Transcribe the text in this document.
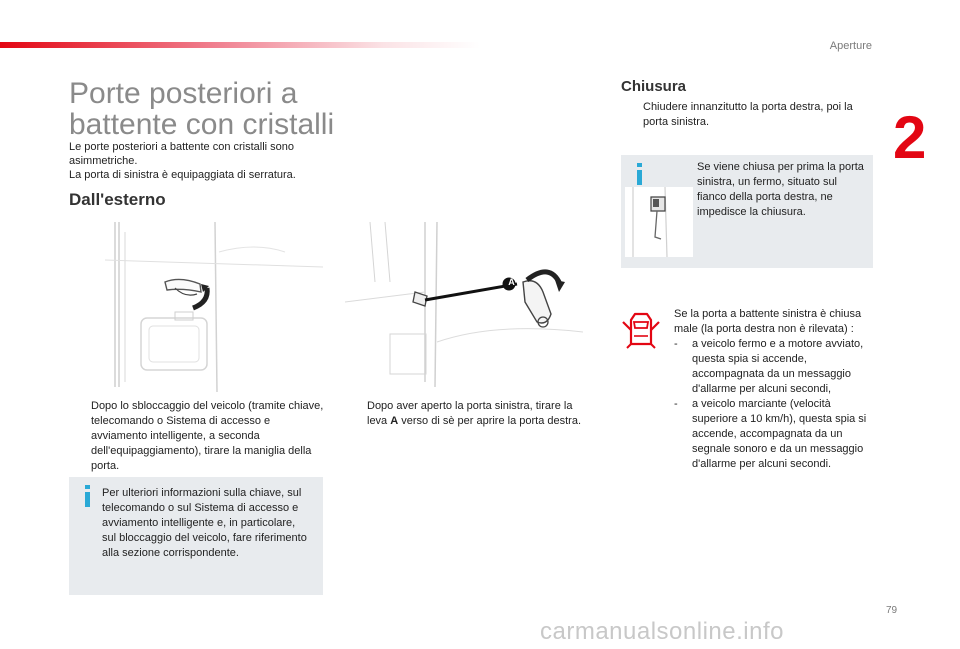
Aperture
2
79
Porte posteriori a
battente con cristalli
Le porte posteriori a battente con cristalli sono asimmetriche.
La porta di sinistra è equipaggiata di serratura.
Dall'esterno
A
Dopo lo sbloccaggio del veicolo (tramite chiave, telecomando o Sistema di accesso e avviamento intelligente, a seconda dell'equipaggiamento), tirare la maniglia della porta.
Dopo aver aperto la porta sinistra, tirare la leva A verso di sè per aprire la porta destra.
Per ulteriori informazioni sulla chiave, sul telecomando o sul Sistema di accesso e avviamento intelligente e, in particolare, sul bloccaggio del veicolo, fare riferimento alla sezione corrispondente.
Chiusura
Chiudere innanzitutto la porta destra, poi la porta sinistra.
Se viene chiusa per prima la porta sinistra, un fermo, situato sul fianco della porta destra, ne impedisce la chiusura.
Se la porta a battente sinistra è chiusa male (la porta destra non è rilevata) :
- a veicolo fermo e a motore avviato, questa spia si accende, accompagnata da un messaggio d'allarme per alcuni secondi,
- a veicolo marciante (velocità superiore a 10 km/h), questa spia si accende, accompagnata da un segnale sonoro e da un messaggio d'allarme per alcuni secondi.
carmanualsonline.info
